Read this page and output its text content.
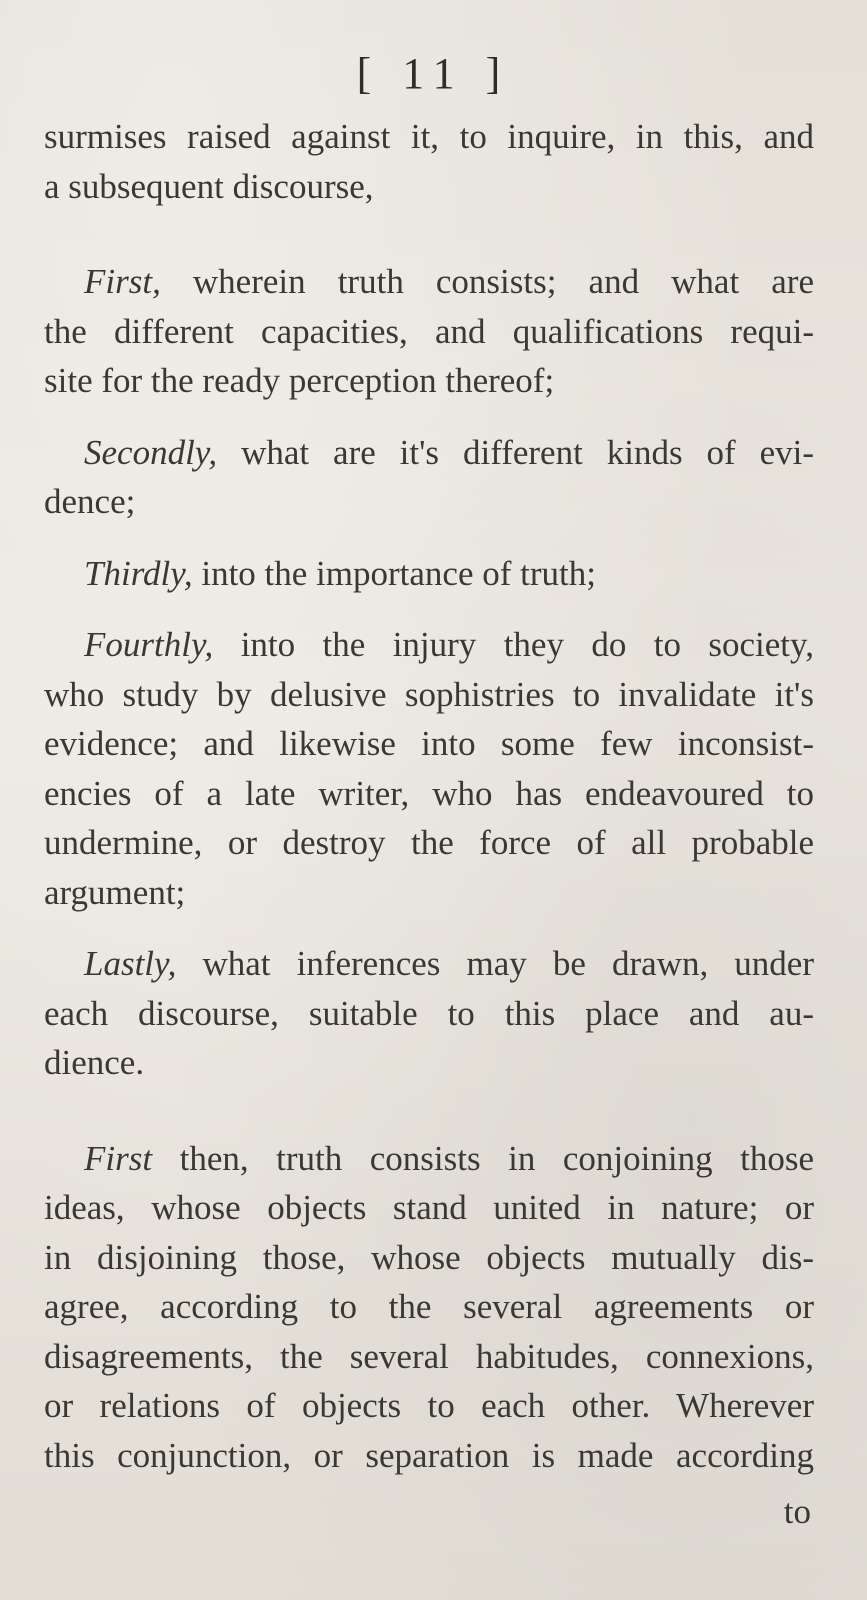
[ 11 ]
surmises raised against it, to inquire, in this, and
a subsequent discourse,
First, wherein truth consists; and what are
the different capacities, and qualifications requi-
site for the ready perception thereof;
Secondly, what are it's different kinds of evi-
dence;
Thirdly, into the importance of truth;
Fourthly, into the injury they do to society,
who study by delusive sophistries to invalidate it's
evidence; and likewise into some few inconsist-
encies of a late writer, who has endeavoured to
undermine, or destroy the force of all probable
argument;
Lastly, what inferences may be drawn, under
each discourse, suitable to this place and au-
dience.
First then, truth consists in conjoining those
ideas, whose objects stand united in nature; or
in disjoining those, whose objects mutually dis-
agree, according to the several agreements or
disagreements, the several habitudes, connexions,
or relations of objects to each other. Wherever
this conjunction, or separation is made according
to
